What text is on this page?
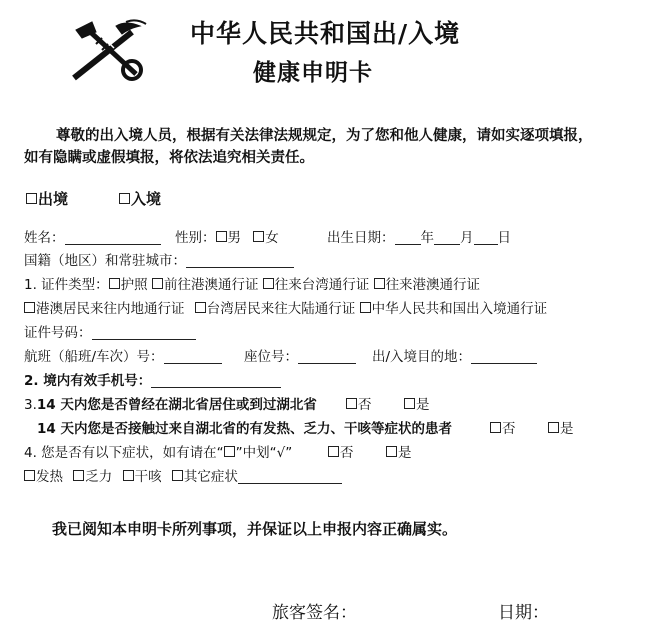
中华人民共和国出/入境
健康申明卡
尊敬的出入境人员，根据有关法律法规规定，为了您和他人健康，请如实逐项填报，
如有隐瞒或虚假填报，将依法追究相关责任。
出境	入境
姓名：	性别： 男 女	出生日期： 年 月 日
国籍（地区）和常驻城市：
1. 证件类型： 护照 前往港澳通行证 往来台湾通行证 往来港澳通行证
港澳居民来往内地通行证 台湾居民来往大陆通行证 中华人民共和国出入境通行证
证件号码：
航班（船班/车次）号：	座位号：	出/入境目的地：
2. 境内有效手机号：
3.14 天内您是否曾经在湖北省居住或到过湖北省	否	是
14 天内您是否接触过来自湖北省的有发热、乏力、干咳等症状的患者	否	是
4. 您是否有以下症状，如有请在“ ”中划“√”	否	是
发热 乏力 干咳 其它症状
我已阅知本申明卡所列事项，并保证以上申报内容正确属实。
旅客签名：	日期：
